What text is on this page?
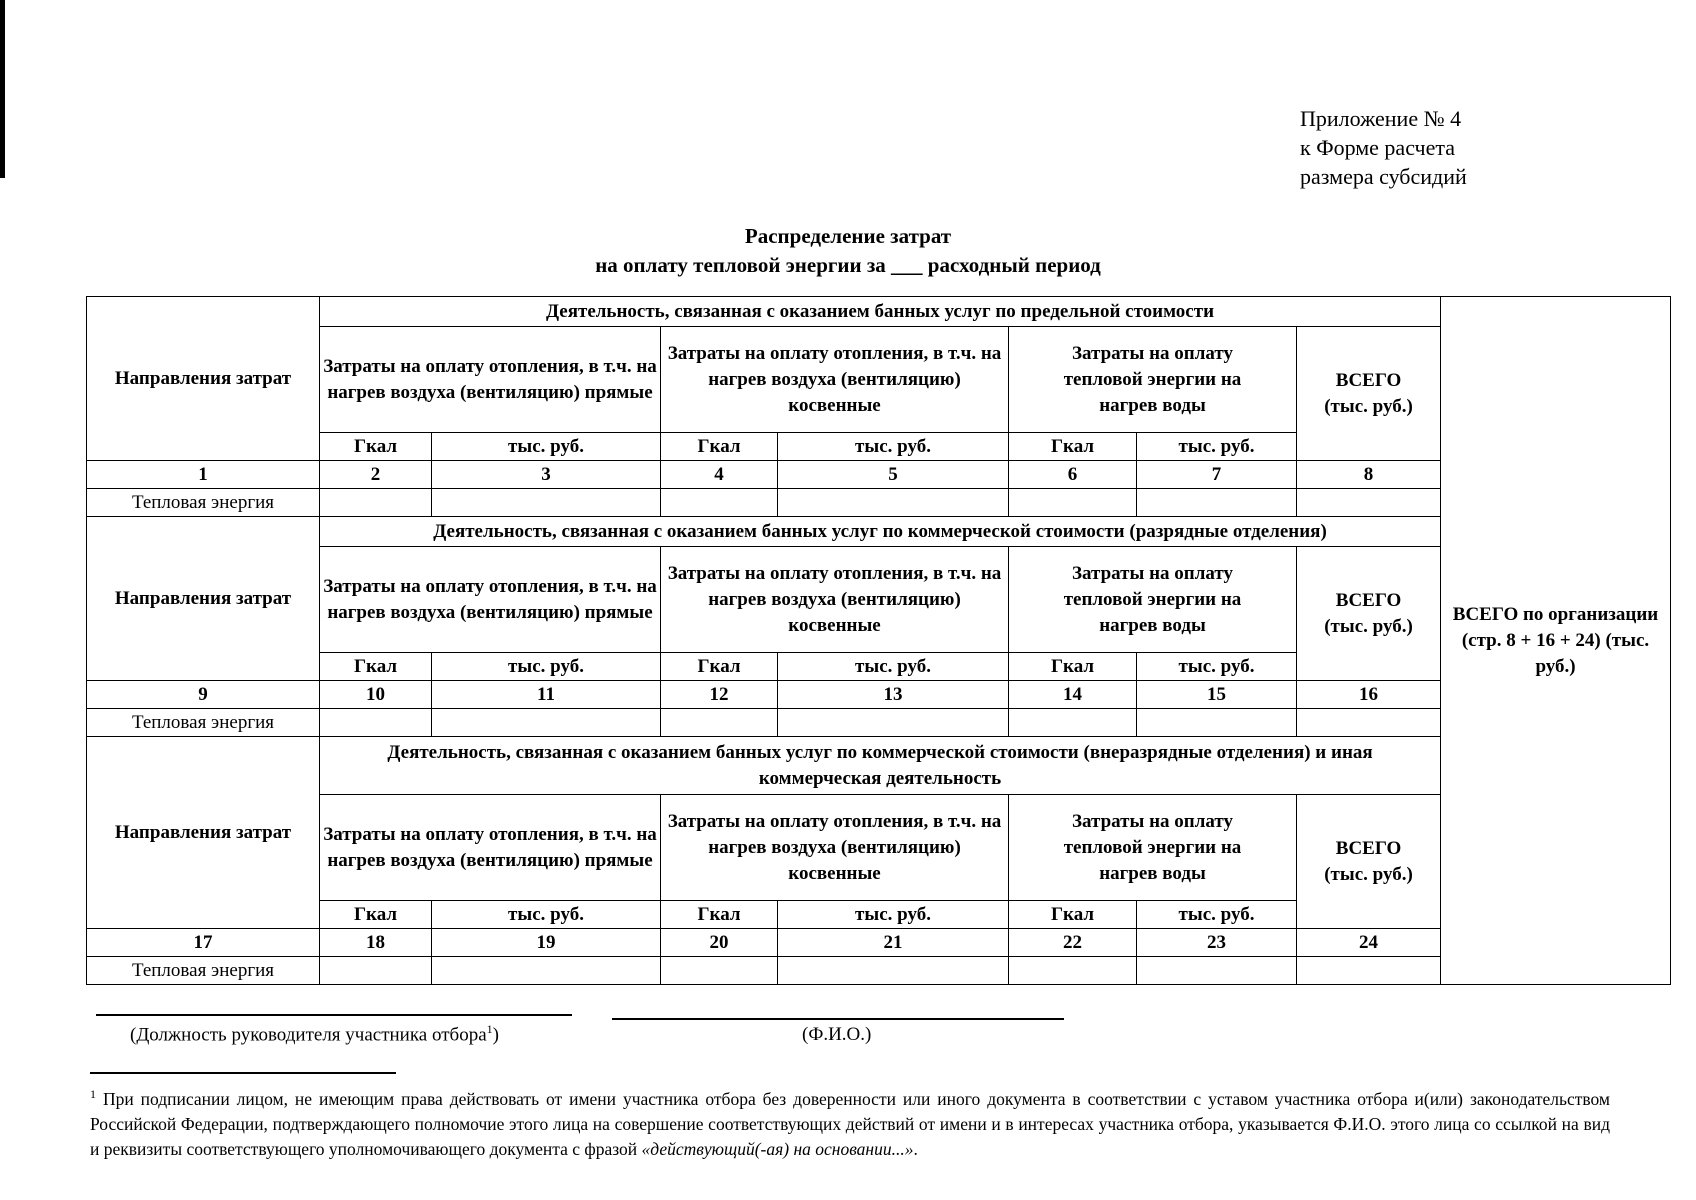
Приложение № 4
к Форме расчета
размера субсидий
Распределение затрат
на оплату тепловой энергии за ___ расходный период
Направления затрат	Деятельность, связанная с оказанием банных услуг по предельной стоимости							ВСЕГО по организации (стр. 8 + 16 + 24) (тыс. руб.)	
	Затраты на оплату отопления, в т.ч. на нагрев воздуха (вентиляцию) прямые		Затраты на оплату отопления, в т.ч. на нагрев воздуха (вентиляцию) косвенные		Затраты на оплату тепловой энергии на нагрев воды		ВСЕГО (тыс. руб.)		
	Гкал	тыс. руб.	Гкал	тыс. руб.	Гкал	тыс. руб.			
1	2	3	4	5	6	7	8		
Тепловая энергия									
Направления затрат	Деятельность, связанная с оказанием банных услуг по коммерческой стоимости (разрядные отделения)								
	Затраты на оплату отопления, в т.ч. на нагрев воздуха (вентиляцию) прямые		Затраты на оплату отопления, в т.ч. на нагрев воздуха (вентиляцию) косвенные		Затраты на оплату тепловой энергии на нагрев воды		ВСЕГО (тыс. руб.)		
	Гкал	тыс. руб.	Гкал	тыс. руб.	Гкал	тыс. руб.			
9	10	11	12	13	14	15	16		
Тепловая энергия									
Направления затрат	Деятельность, связанная с оказанием банных услуг по коммерческой стоимости (внеразрядные отделения) и иная коммерческая деятельность								
	Затраты на оплату отопления, в т.ч. на нагрев воздуха (вентиляцию) прямые		Затраты на оплату отопления, в т.ч. на нагрев воздуха (вентиляцию) косвенные		Затраты на оплату тепловой энергии на нагрев воды		ВСЕГО (тыс. руб.)		
	Гкал	тыс. руб.	Гкал	тыс. руб.	Гкал	тыс. руб.			
17	18	19	20	21	22	23	24	
Тепловая энергия									
(Должность руководителя участника отбора$^1$)	(Ф.И.О.)
$^1$ При подписании лицом, не имеющим права действовать от имени участника отбора без доверенности или иного документа в соответствии с уставом участника отбора и(или) законодательством Российской Федерации, подтверждающего полномочие этого лица на совершение соответствующих действий от имени и в интересах участника отбора, указывается Ф.И.О. этого лица со ссылкой на вид и реквизиты соответствующего уполномочивающего документа с фразой «действующий(-ая) на основании...».
